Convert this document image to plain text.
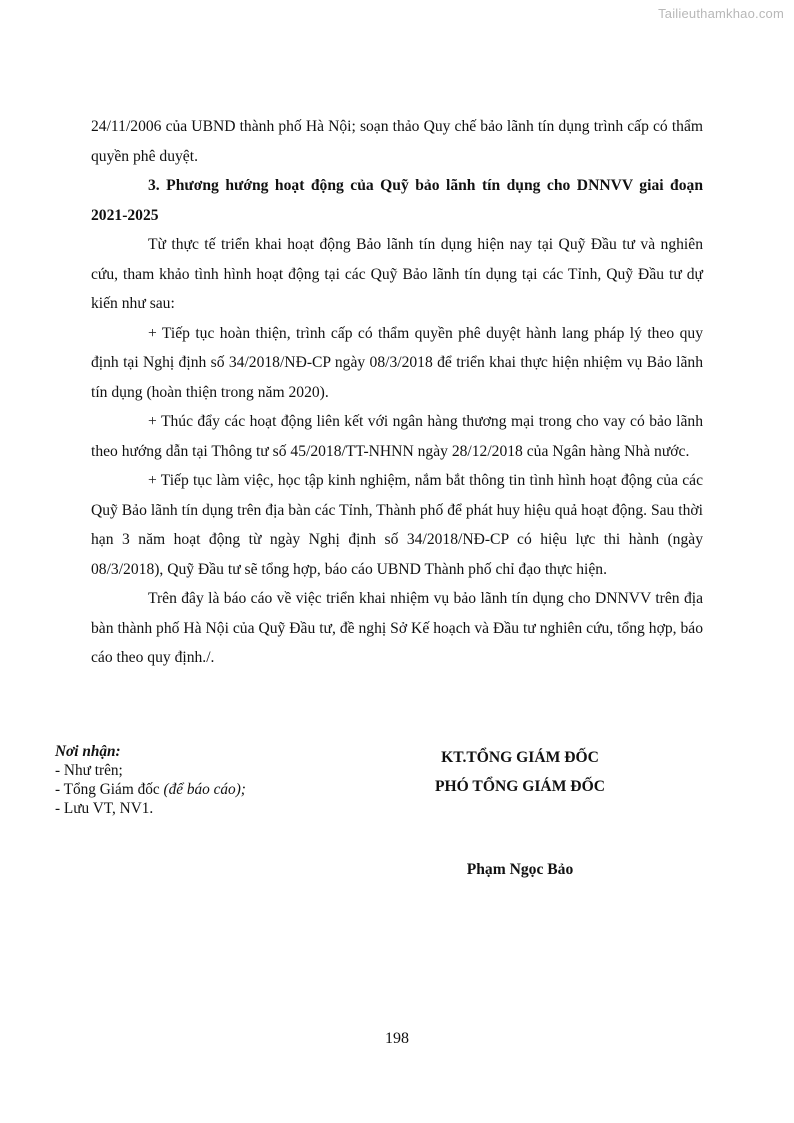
Tailieuthamkhao.com

24/11/2006 của UBND thành phố Hà Nội; soạn thảo Quy chế bảo lãnh tín dụng trình cấp có thẩm quyền phê duyệt.

3. Phương hướng hoạt động của Quỹ bảo lãnh tín dụng cho DNNVV giai đoạn 2021-2025

Từ thực tế triển khai hoạt động Bảo lãnh tín dụng hiện nay tại Quỹ Đầu tư và nghiên cứu, tham khảo tình hình hoạt động tại các Quỹ Bảo lãnh tín dụng tại các Tỉnh, Quỹ Đầu tư dự kiến như sau:

+ Tiếp tục hoàn thiện, trình cấp có thẩm quyền phê duyệt hành lang pháp lý theo quy định tại Nghị định số 34/2018/NĐ-CP ngày 08/3/2018 để triển khai thực hiện nhiệm vụ Bảo lãnh tín dụng (hoàn thiện trong năm 2020).

+ Thúc đẩy các hoạt động liên kết với ngân hàng thương mại trong cho vay có bảo lãnh theo hướng dẫn tại Thông tư số 45/2018/TT-NHNN ngày 28/12/2018 của Ngân hàng Nhà nước.

+ Tiếp tục làm việc, học tập kinh nghiệm, nắm bắt thông tin tình hình hoạt động của các Quỹ Bảo lãnh tín dụng trên địa bàn các Tỉnh, Thành phố để phát huy hiệu quả hoạt động. Sau thời hạn 3 năm hoạt động từ ngày Nghị định số 34/2018/NĐ-CP có hiệu lực thi hành (ngày 08/3/2018), Quỹ Đầu tư sẽ tổng hợp, báo cáo UBND Thành phố chỉ đạo thực hiện.

Trên đây là báo cáo về việc triển khai nhiệm vụ bảo lãnh tín dụng cho DNNVV trên địa bàn thành phố Hà Nội của Quỹ Đầu tư, đề nghị Sở Kế hoạch và Đầu tư nghiên cứu, tổng hợp, báo cáo theo quy định./.

Nơi nhận:
- Như trên;
- Tổng Giám đốc (để báo cáo);
- Lưu VT, NV1.
KT.TỔNG GIÁM ĐỐC
PHÓ TỔNG GIÁM ĐỐC
Phạm Ngọc Bảo
198
